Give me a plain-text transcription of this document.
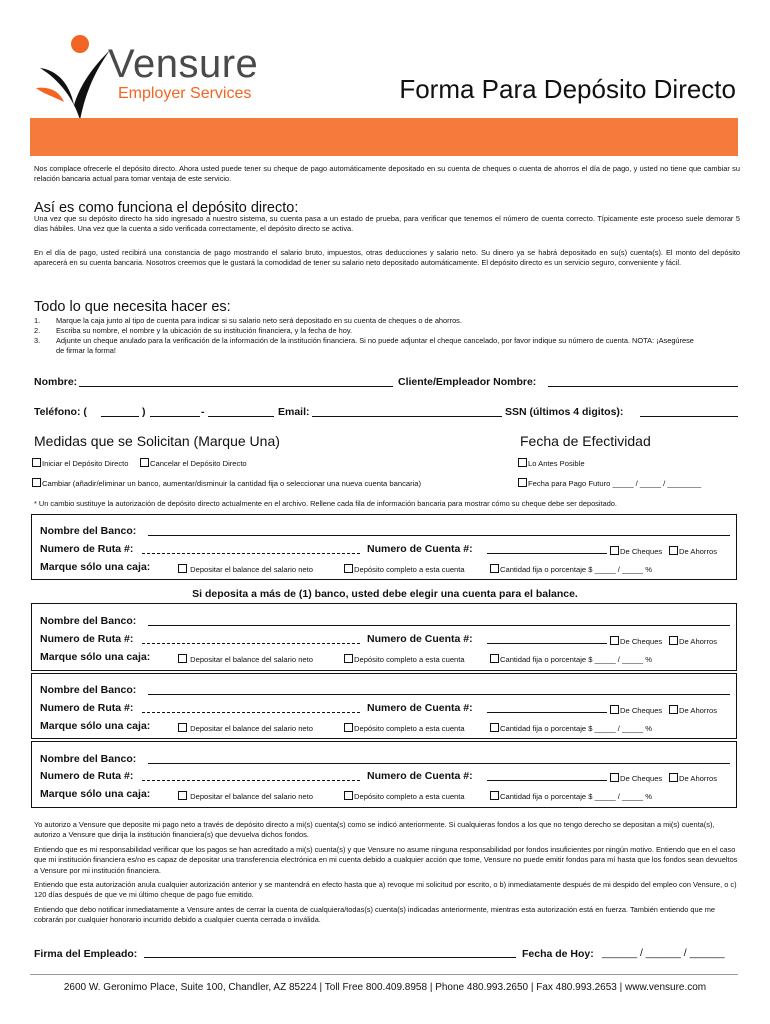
Vensure
Employer Services	Forma Para Depósito Directo
Nos complace ofrecerle el depósito directo. Ahora usted puede tener su cheque de pago automáticamente depositado en su cuenta de cheques o cuenta de ahorros el día de pago, y usted no tiene que cambiar su relación bancaria actual para tomar ventaja de este servicio.
Así es como funciona el depósito directo:
Una vez que su depósito directo ha sido ingresado a nuestro sistema, su cuenta pasa a un estado de prueba, para verificar que tenemos el número de cuenta correcto. Típicamente este proceso suele demorar 5 días hábiles. Una vez que la cuenta a sido verificada correctamente, el depósito directo se activa.
En el día de pago, usted recibirá una constancia de pago mostrando el salario bruto, impuestos, otras deducciones y salario neto. Su dinero ya se habrá depositado en su(s) cuenta(s). El monto del depósito aparecerá en su cuenta bancaria. Nosotros creemos que le gustará la comodidad de tener su salario neto depositado automáticamente. El depósito directo es un servicio seguro, conveniente y fácil.
Todo lo que necesita hacer es:
1.	Marque la caja junto al tipo de cuenta para indicar si su salario neto será depositado en su cuenta de cheques o de ahorros.
2.	Escriba su nombre, el nombre y la ubicación de su institución financiera, y la fecha de hoy.
3.	Adjunte un cheque anulado para la verificación de la información de la institución financiera. Si no puede adjuntar el cheque cancelado, por favor indique su número de cuenta. NOTA: ¡Asegúrese de firmar la forma!
Nombre:	Cliente/Empleador Nombre:
Teléfono: (	)	-	Email:	SSN (últimos 4 digitos):
Medidas que se Solicitan (Marque Una)	Fecha de Efectividad
Iniciar el Depósito Directo	Cancelar el Depósito Directo	Lo Antes Posible
Cambiar (añadir/eliminar un banco, aumentar/disminuir la cantidad fija o seleccionar una nueva cuenta bancaria)	Fecha para Pago Futuro _____ / _____ / ________
* Un cambio sustituye la autorización de depósito directo actualmente en el archivo. Rellene cada fila de información bancaria para mostrar cómo su cheque debe ser depositado.
Nombre del Banco:
Numero de Ruta #:	Numero de Cuenta #:	De Cheques	De Ahorros
Marque sólo una caja:	Depositar el balance del salario neto	Depósito completo a esta cuenta	Cantidad fija o porcentaje $ _____ / _____ %
Si deposita a más de (1) banco, usted debe elegir una cuenta para el balance.
Nombre del Banco:
Numero de Ruta #:	Numero de Cuenta #:	De Cheques	De Ahorros
Marque sólo una caja:	Depositar el balance del salario neto	Depósito completo a esta cuenta	Cantidad fija o porcentaje $ _____ / _____ %
Nombre del Banco:
Numero de Ruta #:	Numero de Cuenta #:	De Cheques	De Ahorros
Marque sólo una caja:	Depositar el balance del salario neto	Depósito completo a esta cuenta	Cantidad fija o porcentaje $ _____ / _____ %
Nombre del Banco:
Numero de Ruta #:	Numero de Cuenta #:	De Cheques	De Ahorros
Marque sólo una caja:	Depositar el balance del salario neto	Depósito completo a esta cuenta	Cantidad fija o porcentaje $ _____ / _____ %

Yo autorizo a Vensure que deposite mi pago neto a través de depósito directo a mi(s) cuenta(s) como se indicó anteriormente. Si cualquieras fondos a los que no tengo derecho se depositan a mi(s) cuenta(s), autorizo a Vensure que dirija la institución financiera(s) que devuelva dichos fondos.

Entiendo que es mi responsabilidad verificar que los pagos se han acreditado a mi(s) cuenta(s) y que Vensure no asume ninguna responsabilidad por fondos insuficientes por ningún motivo. Entiendo que en el caso que mi institución financiera es/no es capaz de depositar una transferencia electrónica en mi cuenta debido a cualquier acción que tome, Vensure no puede emitir fondos para mí hasta que los fondos sean devueltos a Vensure por mi institución financiera.

Entiendo que esta autorización anula cualquier autorización anterior y se mantendrá en efecto hasta que a) revoque mi solicitud por escrito, o b) inmediatamente después de mi despido del empleo con Vensure, o c) 120 días después de que ve mi último cheque de pago fue emitido.

Entiendo que debo notificar inmediatamente a Vensure antes de cerrar la cuenta de cualquiera/todas(s) cuenta(s) indicadas anteriormente, mientras esta autorización está en fuerza. También entiendo que me cobrarán por cualquier honorario incurrido debido a cualquier cuenta cerrada o inválida.

Firma del Empleado:	Fecha de Hoy: ______ / ______ / ______
2600 W. Geronimo Place, Suite 100, Chandler, AZ 85224 | Toll Free 800.409.8958 | Phone 480.993.2650 | Fax 480.993.2653 | www.vensure.com
